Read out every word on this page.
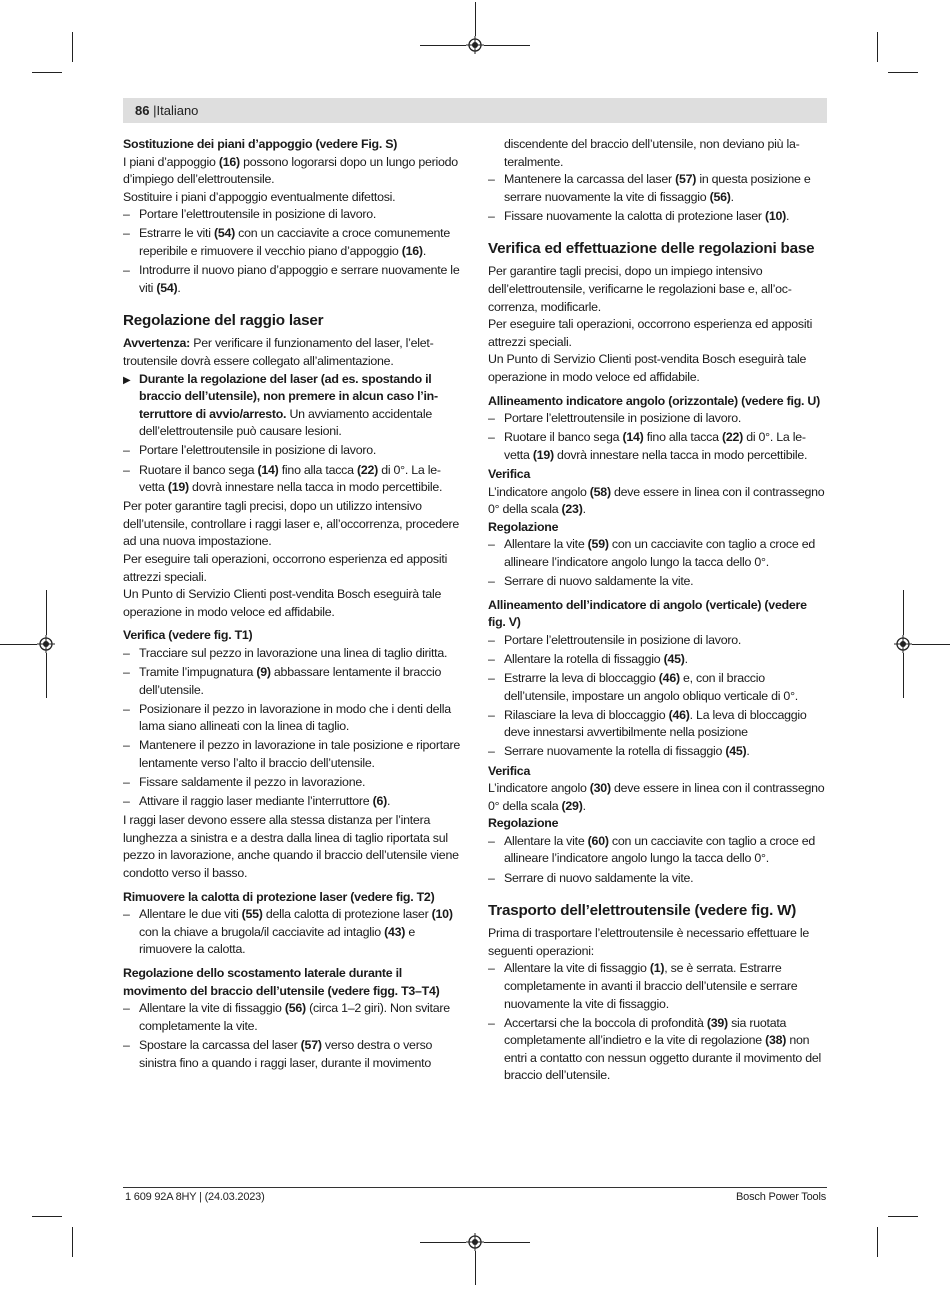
86 |Italiano

Sostituzione dei piani d’appoggio (vedere Fig. S)

I piani d’appoggio (16) possono logorarsi dopo un lungo periodo d’impiego dell’elettroutensile.

Sostituire i piani d’appoggio eventualmente difettosi.

– Portare l’elettroutensile in posizione di lavoro.
– Estrarre le viti (54) con un cacciavite a croce comunemente reperibile e rimuovere il vecchio piano d’appoggio (16).
– Introdurre il nuovo piano d’appoggio e serrare nuovamente le viti (54).

Regolazione del raggio laser

Avvertenza: Per verificare il funzionamento del laser, l’elettroutensile dovrà essere collegato all’alimentazione.

▶ Durante la regolazione del laser (ad es. spostando il braccio dell’utensile), non premere in alcun caso l’interruttore di avvio/arresto. Un avviamento accidentale dell’elettroutensile può causare lesioni.
– Portare l’elettroutensile in posizione di lavoro.
– Ruotare il banco sega (14) fino alla tacca (22) di 0°. La levetta (19) dovrà innestare nella tacca in modo percettibile.

Per poter garantire tagli precisi, dopo un utilizzo intensivo dell’utensile, controllare i raggi laser e, all’occorrenza, procedere ad una nuova impostazione.

Per eseguire tali operazioni, occorrono esperienza ed appositi attrezzi speciali.

Un Punto di Servizio Clienti post-vendita Bosch eseguirà tale operazione in modo veloce ed affidabile.

Verifica (vedere fig. T1)

– Tracciare sul pezzo in lavorazione una linea di taglio diritta.
– Tramite l’impugnatura (9) abbassare lentamente il braccio dell’utensile.
– Posizionare il pezzo in lavorazione in modo che i denti della lama siano allineati con la linea di taglio.
– Mantenere il pezzo in lavorazione in tale posizione e riportare lentamente verso l’alto il braccio dell’utensile.
– Fissare saldamente il pezzo in lavorazione.
– Attivare il raggio laser mediante l’interruttore (6).

I raggi laser devono essere alla stessa distanza per l’intera lunghezza a sinistra e a destra dalla linea di taglio riportata sul pezzo in lavorazione, anche quando il braccio dell’utensile viene condotto verso il basso.

Rimuovere la calotta di protezione laser (vedere fig. T2)

– Allentare le due viti (55) della calotta di protezione laser (10) con la chiave a brugola/il cacciavite ad intaglio (43) e rimuovere la calotta.

Regolazione dello scostamento laterale durante il movimento del braccio dell’utensile (vedere figg. T3–T4)

– Allentare la vite di fissaggio (56) (circa 1–2 giri). Non svitare completamente la vite.
– Spostare la carcassa del laser (57) verso destra o verso sinistra fino a quando i raggi laser, durante il movimento

discendente del braccio dell’utensile, non deviano più lateralmente.

– Mantenere la carcassa del laser (57) in questa posizione e serrare nuovamente la vite di fissaggio (56).
– Fissare nuovamente la calotta di protezione laser (10).

Verifica ed effettuazione delle regolazioni base

Per garantire tagli precisi, dopo un impiego intensivo dell’elettroutensile, verificarne le regolazioni base e, all’occorrenza, modificarle.

Per eseguire tali operazioni, occorrono esperienza ed appositi attrezzi speciali.

Un Punto di Servizio Clienti post-vendita Bosch eseguirà tale operazione in modo veloce ed affidabile.

Allineamento indicatore angolo (orizzontale) (vedere fig. U)

– Portare l’elettroutensile in posizione di lavoro.
– Ruotare il banco sega (14) fino alla tacca (22) di 0°. La levetta (19) dovrà innestare nella tacca in modo percettibile.

Verifica

L’indicatore angolo (58) deve essere in linea con il contrassegno 0° della scala (23).

Regolazione

– Allentare la vite (59) con un cacciavite con taglio a croce ed allineare l’indicatore angolo lungo la tacca dello 0°.
– Serrare di nuovo saldamente la vite.

Allineamento dell’indicatore di angolo (verticale) (vedere fig. V)

– Portare l’elettroutensile in posizione di lavoro.
– Allentare la rotella di fissaggio (45).
– Estrarre la leva di bloccaggio (46) e, con il braccio dell’utensile, impostare un angolo obliquo verticale di 0°.
– Rilasciare la leva di bloccaggio (46). La leva di bloccaggio deve innestarsi avvertibilmente nella posizione
– Serrare nuovamente la rotella di fissaggio (45).

Verifica

L’indicatore angolo (30) deve essere in linea con il contrassegno 0° della scala (29).

Regolazione

– Allentare la vite (60) con un cacciavite con taglio a croce ed allineare l’indicatore angolo lungo la tacca dello 0°.
– Serrare di nuovo saldamente la vite.

Trasporto dell’elettroutensile (vedere fig. W)

Prima di trasportare l’elettroutensile è necessario effettuare le seguenti operazioni:

– Allentare la vite di fissaggio (1), se è serrata. Estrarre completamente in avanti il braccio dell’utensile e serrare nuovamente la vite di fissaggio.
– Accertarsi che la boccola di profondità (39) sia ruotata completamente all’indietro e la vite di regolazione (38) non entri a contatto con nessun oggetto durante il movimento del braccio dell’utensile.
1 609 92A 8HY | (24.03.2023)	Bosch Power Tools
